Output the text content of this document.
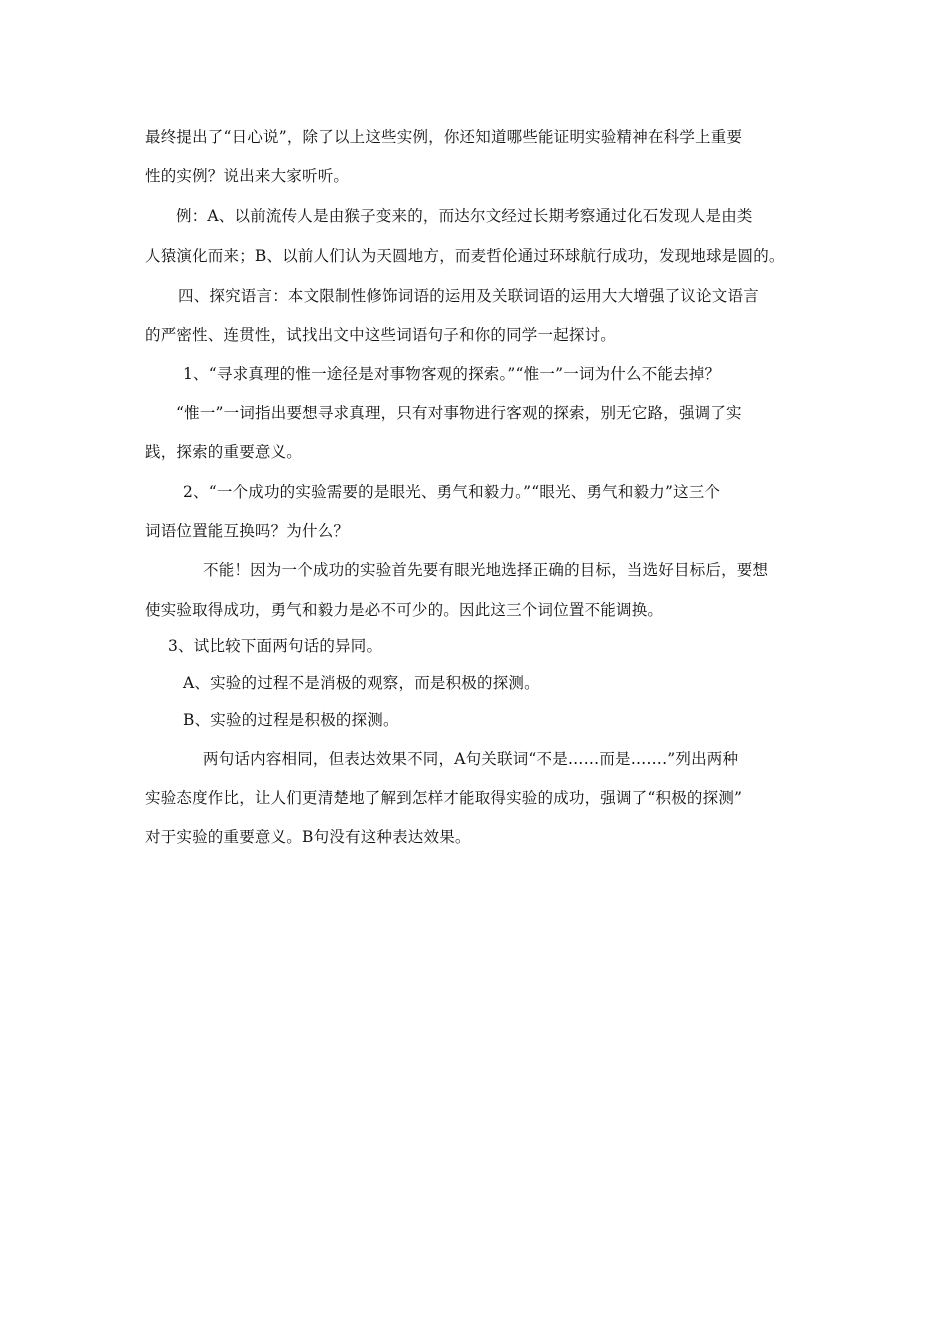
最终提出了“日心说”，除了以上这些实例，你还知道哪些能证明实验精神在科学上重要
性的实例？说出来大家听听。
例：A、以前流传人是由猴子变来的，而达尔文经过长期考察通过化石发现人是由类
人猿演化而来；B、以前人们认为天圆地方，而麦哲伦通过环球航行成功，发现地球是圆的。
四、探究语言：本文限制性修饰词语的运用及关联词语的运用大大增强了议论文语言
的严密性、连贯性，试找出文中这些词语句子和你的同学一起探讨。
1、“寻求真理的惟一途径是对事物客观的探索。”“惟一”一词为什么不能去掉？
“惟一”一词指出要想寻求真理，只有对事物进行客观的探索，别无它路，强调了实
践，探索的重要意义。
2、“一个成功的实验需要的是眼光、勇气和毅力。”“眼光、勇气和毅力”这三个
词语位置能互换吗？为什么？
不能！因为一个成功的实验首先要有眼光地选择正确的目标，当选好目标后，要想
使实验取得成功，勇气和毅力是必不可少的。因此这三个词位置不能调换。
3、试比较下面两句话的异同。
A、实验的过程不是消极的观察，而是积极的探测。
B、实验的过程是积极的探测。
两句话内容相同，但表达效果不同，A句关联词“不是……而是…….”列出两种
实验态度作比，让人们更清楚地了解到怎样才能取得实验的成功，强调了“积极的探测”
对于实验的重要意义。B句没有这种表达效果。
